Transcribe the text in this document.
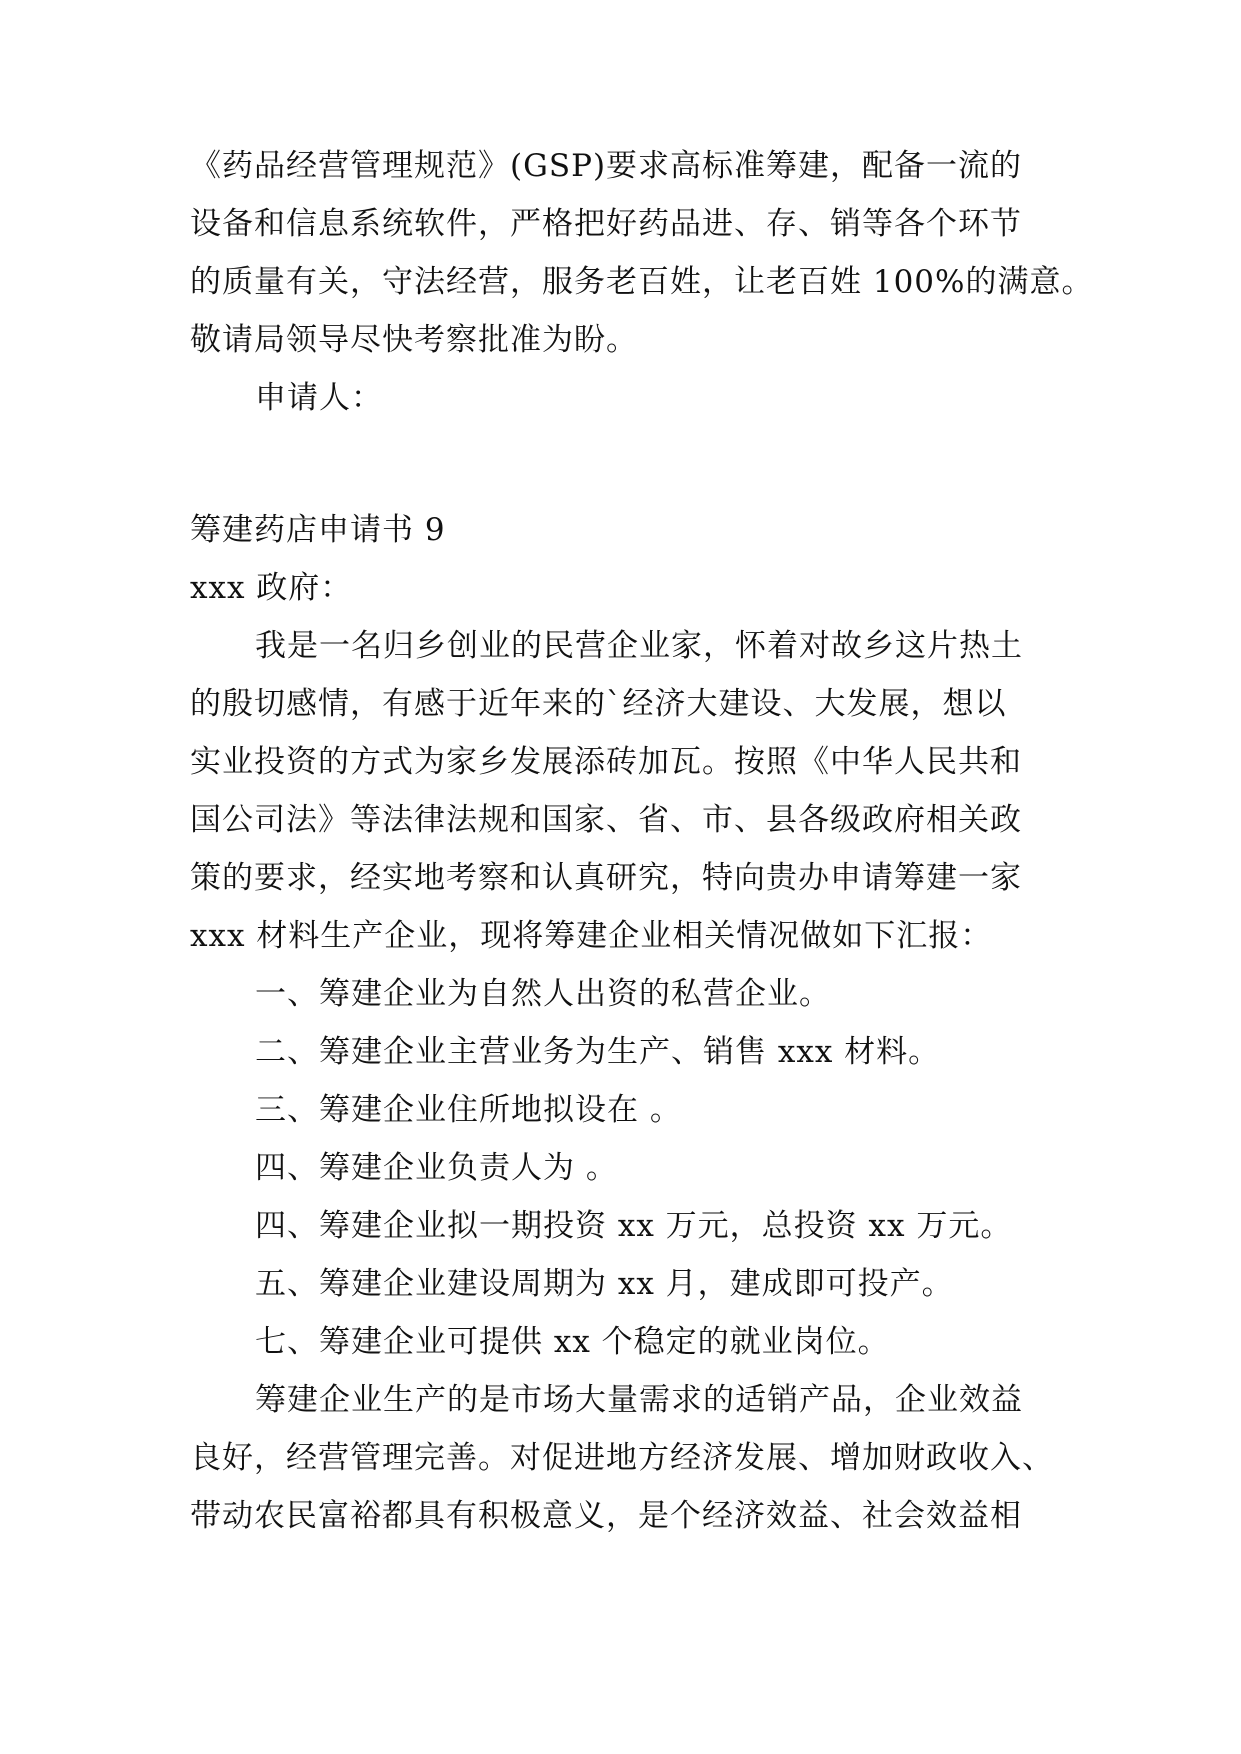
《药品经营管理规范》(GSP)要求高标准筹建，配备一流的
设备和信息系统软件，严格把好药品进、存、销等各个环节
的质量有关，守法经营，服务老百姓，让老百姓 100%的满意。
敬请局领导尽快考察批准为盼。
申请人：
筹建药店申请书 9
xxx 政府：
我是一名归乡创业的民营企业家，怀着对故乡这片热土
的殷切感情，有感于近年来的`经济大建设、大发展，想以
实业投资的方式为家乡发展添砖加瓦。按照《中华人民共和
国公司法》等法律法规和国家、省、市、县各级政府相关政
策的要求，经实地考察和认真研究，特向贵办申请筹建一家
xxx 材料生产企业，现将筹建企业相关情况做如下汇报：
一、筹建企业为自然人出资的私营企业。
二、筹建企业主营业务为生产、销售 xxx 材料。
三、筹建企业住所地拟设在 。
四、筹建企业负责人为 。
四、筹建企业拟一期投资 xx 万元，总投资 xx 万元。
五、筹建企业建设周期为 xx 月，建成即可投产。
七、筹建企业可提供 xx 个稳定的就业岗位。
筹建企业生产的是市场大量需求的适销产品，企业效益
良好，经营管理完善。对促进地方经济发展、增加财政收入、
带动农民富裕都具有积极意义，是个经济效益、社会效益相
